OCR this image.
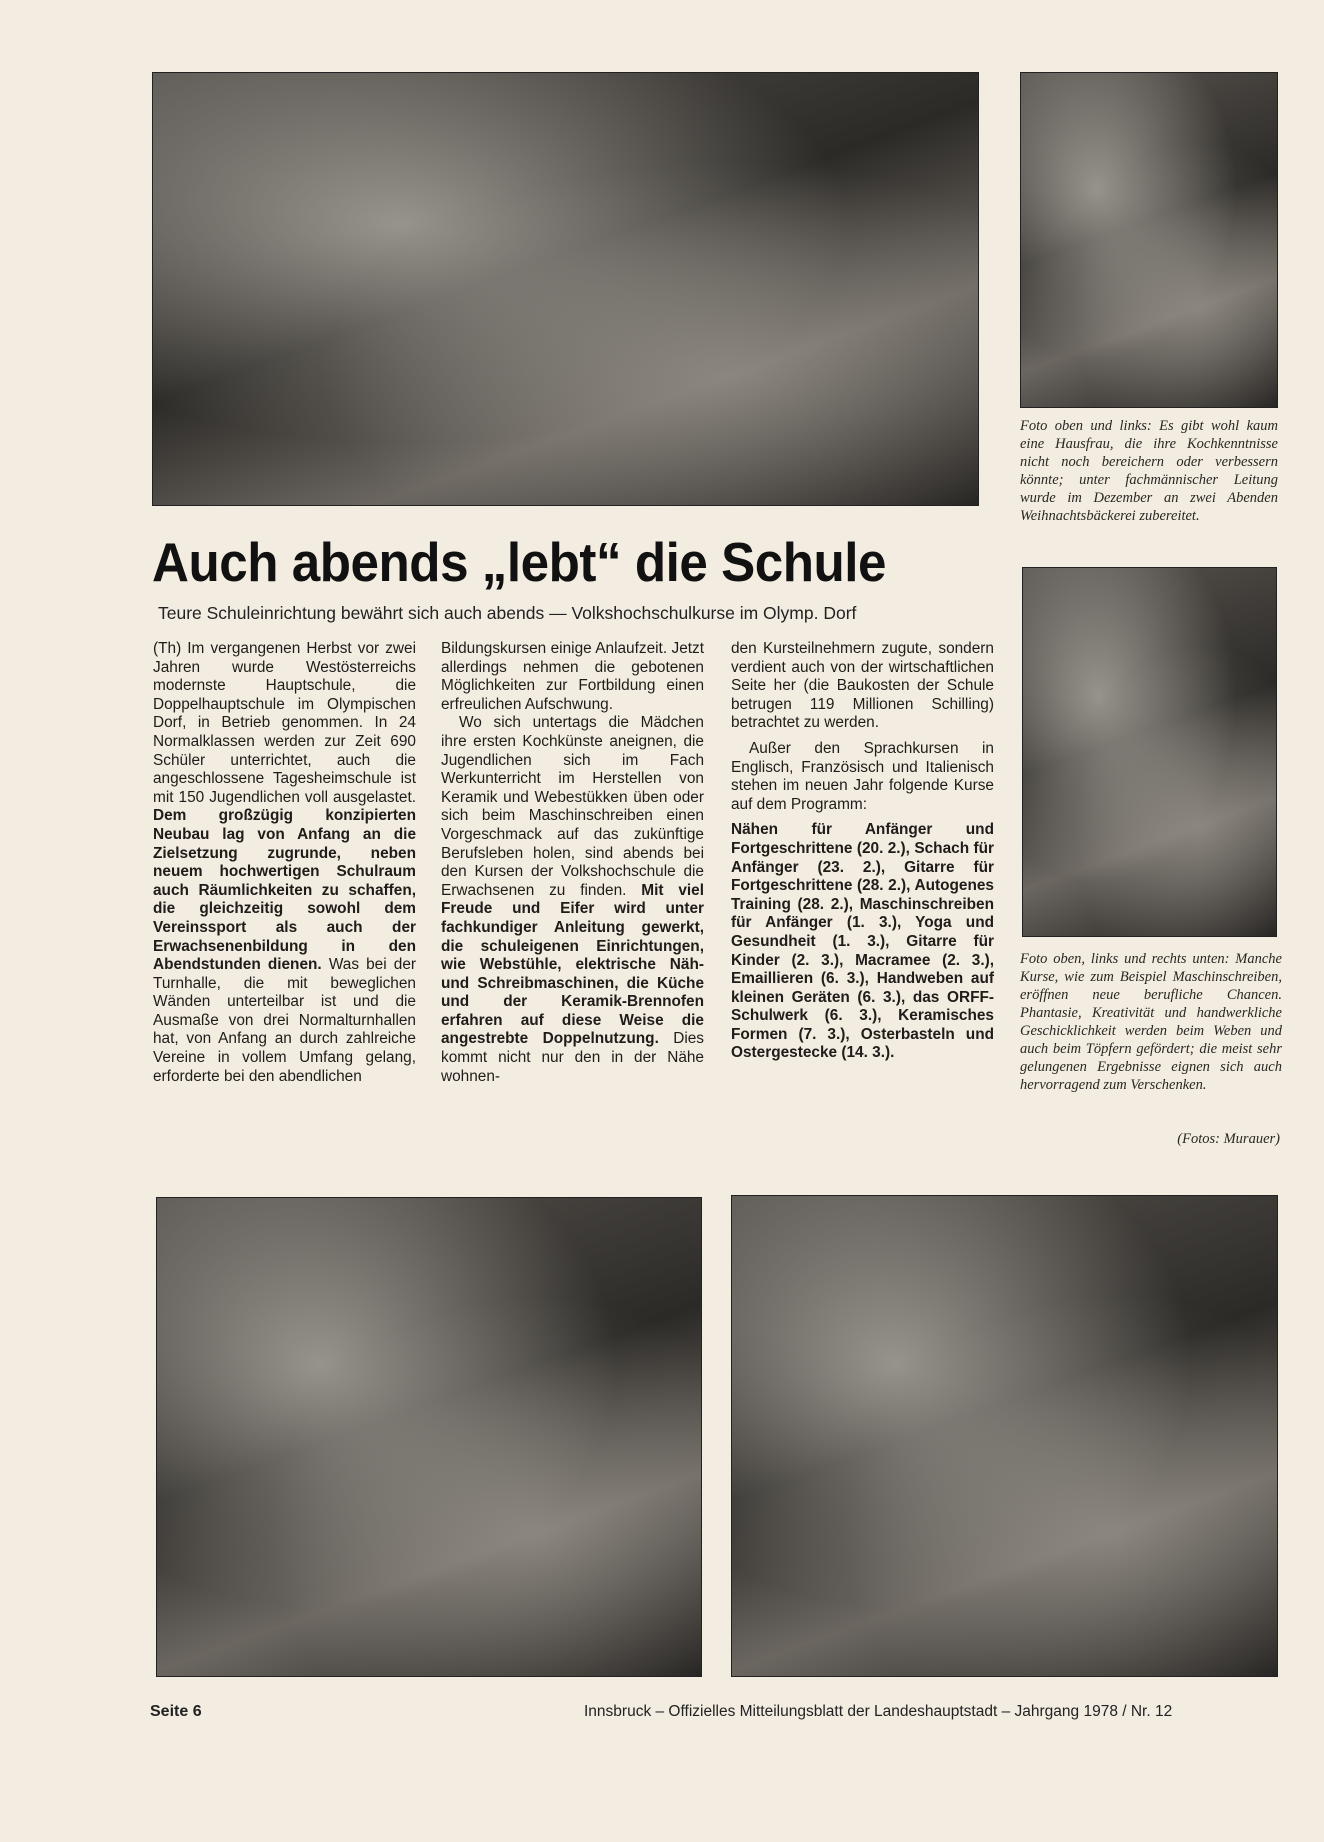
Foto oben und links: Es gibt wohl kaum eine Hausfrau, die ihre Kochkenntnisse nicht noch bereichern oder verbessern könnte; unter fachmännischer Leitung wurde im Dezember an zwei Abenden Weihnachtsbäckerei zubereitet.

Foto oben, links und rechts unten: Manche Kurse, wie zum Beispiel Maschinschreiben, eröffnen neue berufliche Chancen. Phantasie, Kreativität und handwerkliche Geschicklichkeit werden beim Weben und auch beim Töpfern gefördert; die meist sehr gelungenen Ergebnisse eignen sich auch hervorragend zum Verschenken.

(Fotos: Murauer)

Auch abends „lebt“ die Schule

Teure Schuleinrichtung bewährt sich auch abends — Volkshochschulkurse im Olymp. Dorf

(Th) Im vergangenen Herbst vor zwei Jahren wurde Westösterreichs modernste Hauptschule, die Doppelhauptschule im Olympischen Dorf, in Betrieb genommen. In 24 Normalklassen werden zur Zeit 690 Schüler unterrichtet, auch die angeschlossene Tagesheimschule ist mit 150 Jugendlichen voll ausgelastet. Dem großzügig konzipierten Neubau lag von Anfang an die Zielsetzung zugrunde, neben neuem hochwertigen Schulraum auch Räumlichkeiten zu schaffen, die gleichzeitig sowohl dem Vereinssport als auch der Erwachsenenbildung in den Abendstunden dienen. Was bei der Turnhalle, die mit beweglichen Wänden unterteilbar ist und die Ausmaße von drei Normalturnhallen hat, von Anfang an durch zahlreiche Vereine in vollem Umfang gelang, erforderte bei den abendlichen

Bildungskursen einige Anlaufzeit. Jetzt allerdings nehmen die gebotenen Möglichkeiten zur Fortbildung einen erfreulichen Aufschwung.

Wo sich untertags die Mädchen ihre ersten Kochkünste aneignen, die Jugendlichen sich im Fach Werkunterricht im Herstellen von Keramik und Webestükken üben oder sich beim Maschinschreiben einen Vorgeschmack auf das zukünftige Berufsleben holen, sind abends bei den Kursen der Volkshochschule die Erwachsenen zu finden. Mit viel Freude und Eifer wird unter fachkundiger Anleitung gewerkt, die schuleigenen Einrichtungen, wie Webstühle, elektrische Näh- und Schreibmaschinen, die Küche und der Keramik-Brennofen erfahren auf diese Weise die angestrebte Doppelnutzung. Dies kommt nicht nur den in der Nähe wohnen-

den Kursteilnehmern zugute, sondern verdient auch von der wirtschaftlichen Seite her (die Baukosten der Schule betrugen 119 Millionen Schilling) betrachtet zu werden.

Außer den Sprachkursen in Englisch, Französisch und Italienisch stehen im neuen Jahr folgende Kurse auf dem Programm:

Nähen für Anfänger und Fortgeschrittene (20. 2.), Schach für Anfänger (23. 2.), Gitarre für Fortgeschrittene (28. 2.), Autogenes Training (28. 2.), Maschinschreiben für Anfänger (1. 3.), Yoga und Gesundheit (1. 3.), Gitarre für Kinder (2. 3.), Macramee (2. 3.), Emaillieren (6. 3.), Handweben auf kleinen Geräten (6. 3.), das ORFF-Schulwerk (6. 3.), Keramisches Formen (7. 3.), Osterbasteln und Ostergestecke (14. 3.).

Seite 6	Innsbruck – Offizielles Mitteilungsblatt der Landeshauptstadt – Jahrgang 1978 / Nr. 12
